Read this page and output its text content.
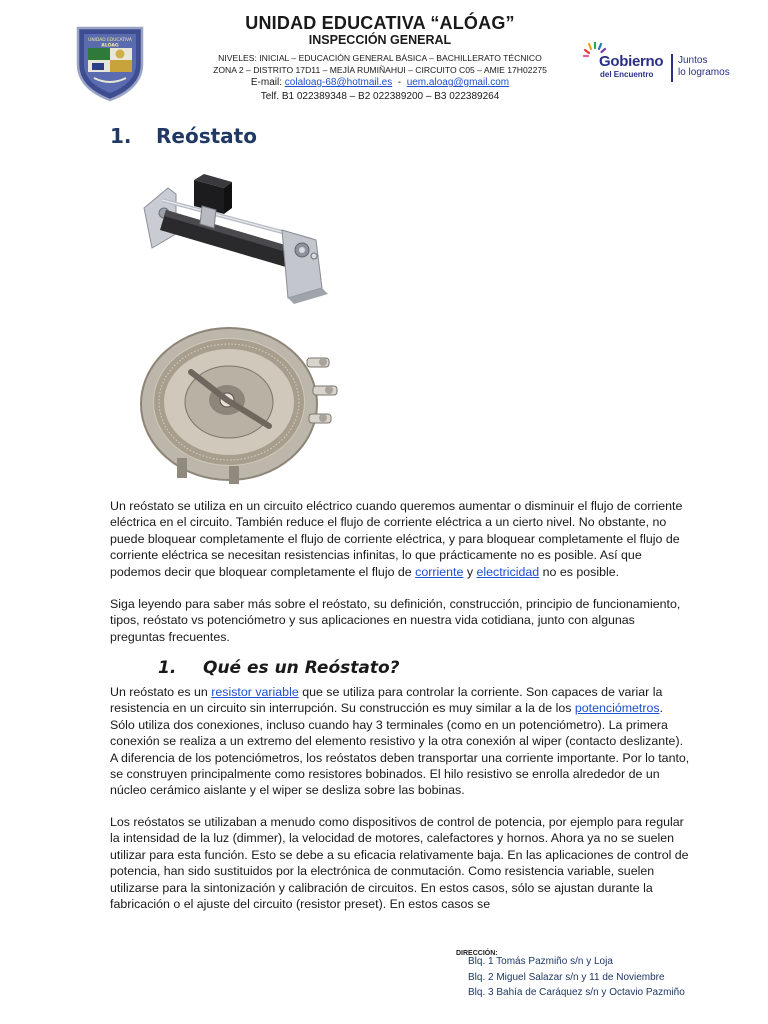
UNIDAD EDUCATIVA
ALÓAG
UNIDAD EDUCATIVA “ALÓAG”
INSPECCIÓN GENERAL
NIVELES: INICIAL – EDUCACIÓN GENERAL BÁSICA – BACHILLERATO TÉCNICO
ZONA 2 – DISTRITO 17D11 – MEJÍA RUMIÑAHUI – CIRCUITO C05 – AMIE 17H02275
E-mail: colaloag-68@hotmail.es - uem.aloag@gmail.com
Telf. B1 022389348 – B2 022389200 – B3 022389264
Gobierno
del Encuentro
Juntos
lo logramos
1. Reóstato
Un reóstato se utiliza en un circuito eléctrico cuando queremos aumentar o disminuir el flujo de corriente eléctrica en el circuito. También reduce el flujo de corriente eléctrica a un cierto nivel. No obstante, no puede bloquear completamente el flujo de corriente eléctrica, y para bloquear completamente el flujo de corriente eléctrica se necesitan resistencias infinitas, lo que prácticamente no es posible. Así que podemos decir que bloquear completamente el flujo de corriente y electricidad no es posible.
Siga leyendo para saber más sobre el reóstato, su definición, construcción, principio de funcionamiento, tipos, reóstato vs potenciómetro y sus aplicaciones en nuestra vida cotidiana, junto con algunas preguntas frecuentes.
1. Qué es un Reóstato?
Un reóstato es un resistor variable que se utiliza para controlar la corriente. Son capaces de variar la resistencia en un circuito sin interrupción. Su construcción es muy similar a la de los potenciómetros. Sólo utiliza dos conexiones, incluso cuando hay 3 terminales (como en un potenciómetro). La primera conexión se realiza a un extremo del elemento resistivo y la otra conexión al wiper (contacto deslizante). A diferencia de los potenciómetros, los reóstatos deben transportar una corriente importante. Por lo tanto, se construyen principalmente como resistores bobinados. El hilo resistivo se enrolla alrededor de un núcleo cerámico aislante y el wiper se desliza sobre las bobinas.
Los reóstatos se utilizaban a menudo como dispositivos de control de potencia, por ejemplo para regular la intensidad de la luz (dimmer), la velocidad de motores, calefactores y hornos. Ahora ya no se suelen utilizar para esta función. Esto se debe a su eficacia relativamente baja. En las aplicaciones de control de potencia, han sido sustituidos por la electrónica de conmutación. Como resistencia variable, suelen utilizarse para la sintonización y calibración de circuitos. En estos casos, sólo se ajustan durante la fabricación o el ajuste del circuito (resistor preset). En estos casos se
DIRECCIÓN:
Blq. 1 Tomás Pazmiño s/n y Loja
Blq. 2 Miguel Salazar s/n y 11 de Noviembre
Blq. 3 Bahía de Caráquez s/n y Octavio Pazmiño
